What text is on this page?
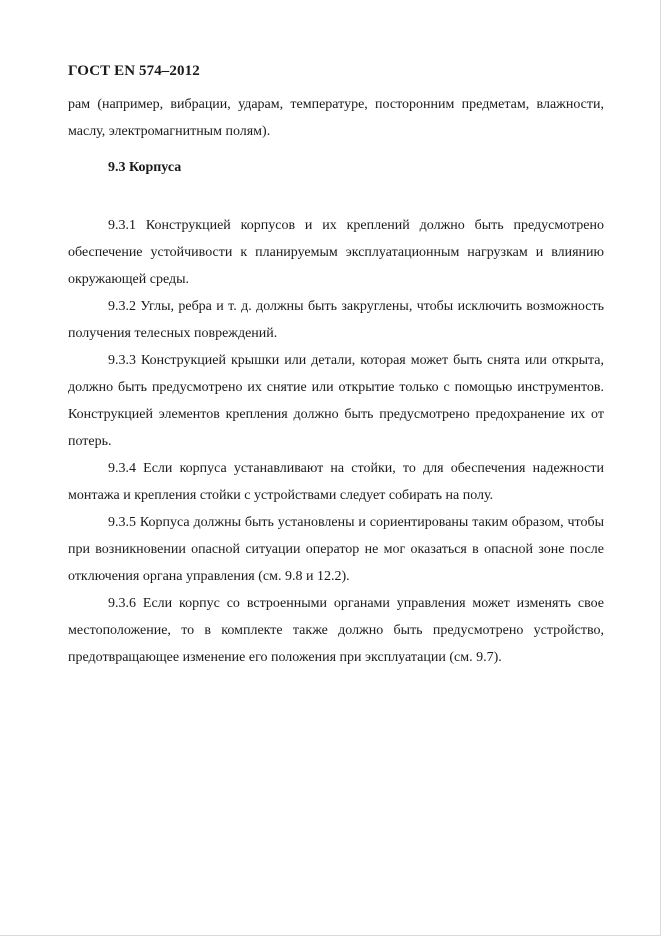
ГОСТ EN 574–2012
рам (например, вибрации, ударам, температуре, посторонним предметам, влажности, маслу, электромагнитным полям).
9.3 Корпуса

9.3.1 Конструкцией корпусов и их креплений должно быть предусмотрено обеспечение устойчивости к планируемым эксплуатационным нагрузкам и влиянию окружающей среды.

9.3.2 Углы, ребра и т. д. должны быть закруглены, чтобы исключить возможность получения телесных повреждений.

9.3.3 Конструкцией крышки или детали, которая может быть снята или открыта, должно быть предусмотрено их снятие или открытие только с помощью инструментов. Конструкцией элементов крепления должно быть предусмотрено предохранение их от потерь.

9.3.4 Если корпуса устанавливают на стойки, то для обеспечения надежности монтажа и крепления стойки с устройствами следует собирать на полу.

9.3.5 Корпуса должны быть установлены и сориентированы таким образом, чтобы при возникновении опасной ситуации оператор не мог оказаться в опасной зоне после отключения органа управления (см. 9.8 и 12.2).

9.3.6 Если корпус со встроенными органами управления может изменять свое местоположение, то в комплекте также должно быть предусмотрено устройство, предотвращающее изменение его положения при эксплуатации (см. 9.7).
